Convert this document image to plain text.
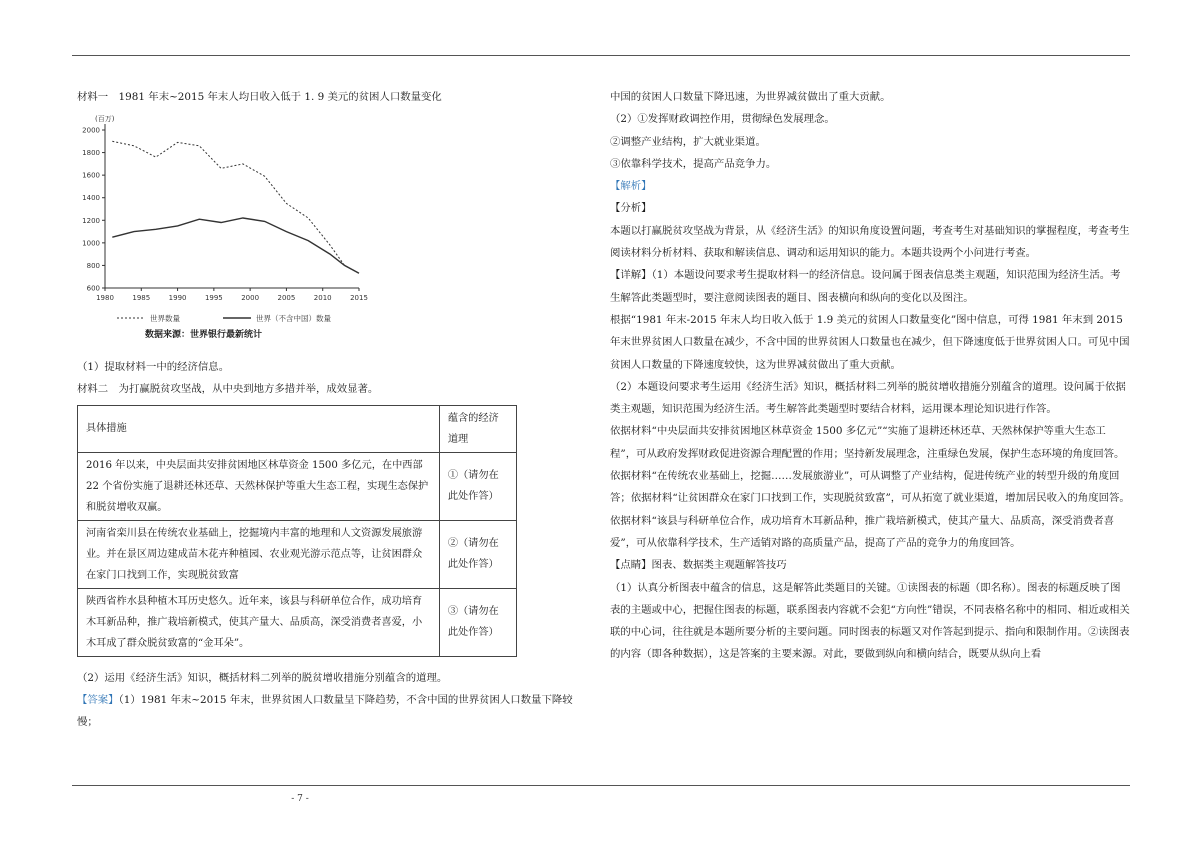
材料一　1981 年末~2015 年末人均日收入低于 1. 9 美元的贫困人口数量变化

(百万)
2000
1800
1600
1400
1200
1000
800
600
1980	1985	1990	1995	2000	2005	2010	2015
世界数量	世界（不含中国）数量
数据来源：世界银行最新统计

（1）提取材料一中的经济信息。

材料二　为打赢脱贫攻坚战，从中央到地方多措并举，成效显著。

具体措施	蕴含的经济道理
2016 年以来，中央层面共安排贫困地区林草资金 1500 多亿元，在中西部 22 个省份实施了退耕还林还草、天然林保护等重大生态工程，实现生态保护和脱贫增收双赢。	①（请勿在此处作答）
河南省栾川县在传统农业基础上，挖掘境内丰富的地理和人文资源发展旅游业。并在景区周边建成苗木花卉种植园、农业观光游示范点等，让贫困群众在家门口找到工作，实现脱贫致富	②（请勿在此处作答）
陕西省柞水县种植木耳历史悠久。近年来，该县与科研单位合作，成功培育木耳新品种，推广栽培新模式，使其产量大、品质高，深受消费者喜爱，小木耳成了群众脱贫致富的“金耳朵”。	③（请勿在此处作答）

（2）运用《经济生活》知识，概括材料二列举的脱贫增收措施分别蕴含的道理。

【答案】（1）1981 年末~2015 年末，世界贫困人口数量呈下降趋势，不含中国的世界贫困人口数量下降较慢；

中国的贫困人口数量下降迅速，为世界减贫做出了重大贡献。

（2）①发挥财政调控作用，贯彻绿色发展理念。

②调整产业结构，扩大就业渠道。

③依靠科学技术，提高产品竞争力。

【解析】

【分析】

本题以打赢脱贫攻坚战为背景，从《经济生活》的知识角度设置问题，考查考生对基础知识的掌握程度，考查考生阅读材料分析材料、获取和解读信息、调动和运用知识的能力。本题共设两个小问进行考查。

【详解】（1）本题设问要求考生提取材料一的经济信息。设问属于图表信息类主观题，知识范围为经济生活。考生解答此类题型时，要注意阅读图表的题目、图表横向和纵向的变化以及图注。

根据“1981 年末-2015 年末人均日收入低于 1.9 美元的贫困人口数量变化”图中信息，可得 1981 年末到 2015 年末世界贫困人口数量在减少，不含中国的世界贫困人口数量也在减少，但下降速度低于世界贫困人口。可见中国贫困人口数量的下降速度较快，这为世界减贫做出了重大贡献。

（2）本题设问要求考生运用《经济生活》知识，概括材料二列举的脱贫增收措施分别蕴含的道理。设问属于依据类主观题，知识范围为经济生活。考生解答此类题型时要结合材料，运用课本理论知识进行作答。

依据材料“中央层面共安排贫困地区林草资金 1500 多亿元”“实施了退耕还林还草、天然林保护等重大生态工程”，可从政府发挥财政促进资源合理配置的作用；坚持新发展理念，注重绿色发展，保护生态环境的角度回答。

依据材料“在传统农业基础上，挖掘……发展旅游业”，可从调整了产业结构，促进传统产业的转型升级的角度回答；依据材料“让贫困群众在家门口找到工作，实现脱贫致富”，可从拓宽了就业渠道，增加居民收入的角度回答。

依据材料“该县与科研单位合作，成功培育木耳新品种，推广栽培新模式，使其产量大、品质高，深受消费者喜爱”，可从依靠科学技术，生产适销对路的高质量产品，提高了产品的竞争力的角度回答。

【点睛】图表、数据类主观题解答技巧

（1）认真分析图表中蕴含的信息，这是解答此类题目的关键。①读图表的标题（即名称）。图表的标题反映了图表的主题或中心，把握住图表的标题，联系图表内容就不会犯“方向性”错误，不同表格名称中的相同、相近或相关联的中心词，往往就是本题所要分析的主要问题。同时图表的标题又对作答起到提示、指向和限制作用。②读图表的内容（即各种数据），这是答案的主要来源。对此，要做到纵向和横向结合，既要从纵向上看

- 7 -
